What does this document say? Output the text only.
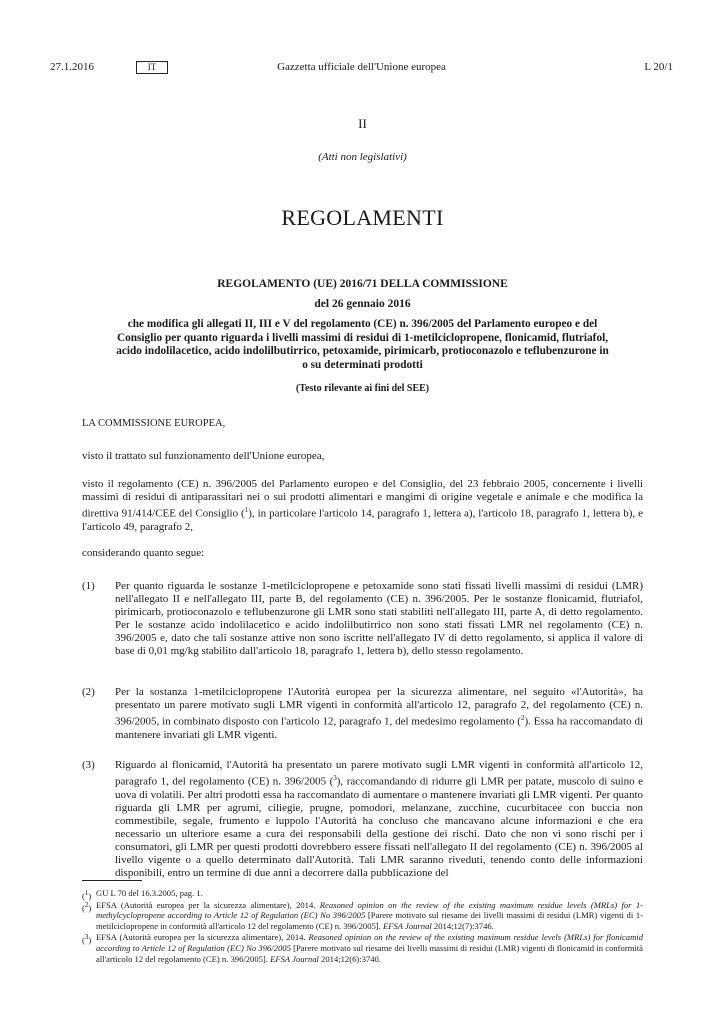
27.1.2016	IT	Gazzetta ufficiale dell'Unione europea	L 20/1
II
(Atti non legislativi)
REGOLAMENTI
REGOLAMENTO (UE) 2016/71 DELLA COMMISSIONE
del 26 gennaio 2016
che modifica gli allegati II, III e V del regolamento (CE) n. 396/2005 del Parlamento europeo e del Consiglio per quanto riguarda i livelli massimi di residui di 1-metilciclopropene, flonicamid, flutriafol, acido indolilacetico, acido indolilbutirrico, petoxamide, pirimicarb, protioconazolo e teflubenzurone in o su determinati prodotti
(Testo rilevante ai fini del SEE)
LA COMMISSIONE EUROPEA,
visto il trattato sul funzionamento dell'Unione europea,
visto il regolamento (CE) n. 396/2005 del Parlamento europeo e del Consiglio, del 23 febbraio 2005, concernente i livelli massimi di residui di antiparassitari nei o sui prodotti alimentari e mangimi di origine vegetale e animale e che modifica la direttiva 91/414/CEE del Consiglio ($^1$), in particolare l'articolo 14, paragrafo 1, lettera a), l'articolo 18, paragrafo 1, lettera b), e l'articolo 49, paragrafo 2,
considerando quanto segue:
(1) Per quanto riguarda le sostanze 1-metilciclopropene e petoxamide sono stati fissati livelli massimi di residui (LMR) nell'allegato II e nell'allegato III, parte B, del regolamento (CE) n. 396/2005. Per le sostanze flonicamid, flutriafol, pirimicarb, protioconazolo e teflubenzurone gli LMR sono stati stabiliti nell'allegato III, parte A, di detto regolamento. Per le sostanze acido indolilacetico e acido indolilbutirrico non sono stati fissati LMR nel regolamento (CE) n. 396/2005 e, dato che tali sostanze attive non sono iscritte nell'allegato IV di detto regolamento, si applica il valore di base di 0,01 mg/kg stabilito dall'articolo 18, paragrafo 1, lettera b), dello stesso regolamento.
(2) Per la sostanza 1-metilciclopropene l'Autorità europea per la sicurezza alimentare, nel seguito «l'Autorità», ha presentato un parere motivato sugli LMR vigenti in conformità all'articolo 12, paragrafo 2, del regolamento (CE) n. 396/2005, in combinato disposto con l'articolo 12, paragrafo 1, del medesimo regolamento ($^2$). Essa ha raccomandato di mantenere invariati gli LMR vigenti.
(3) Riguardo al flonicamid, l'Autorità ha presentato un parere motivato sugli LMR vigenti in conformità all'articolo 12, paragrafo 1, del regolamento (CE) n. 396/2005 ($^3$), raccomandando di ridurre gli LMR per patate, muscolo di suino e uova di volatili. Per altri prodotti essa ha raccomandato di aumentare o mantenere invariati gli LMR vigenti. Per quanto riguarda gli LMR per agrumi, ciliegie, prugne, pomodori, melanzane, zucchine, cucurbitacee con buccia non commestibile, segale, frumento e luppolo l'Autorità ha concluso che mancavano alcune informazioni e che era necessario un ulteriore esame a cura dei responsabili della gestione dei rischi. Dato che non vi sono rischi per i consumatori, gli LMR per questi prodotti dovrebbero essere fissati nell'allegato II del regolamento (CE) n. 396/2005 al livello vigente o a quello determinato dall'Autorità. Tali LMR saranno riveduti, tenendo conto delle informazioni disponibili, entro un termine di due anni a decorrere dalla pubblicazione del
($^1$) GU L 70 del 16.3.2005, pag. 1.
($^2$) EFSA (Autorità europea per la sicurezza alimentare), 2014. Reasoned opinion on the review of the existing maximum residue levels (MRLs) for 1-methylcyclopropene according to Article 12 of Regulation (EC) No 396/2005 [Parere motivato sul riesame dei livelli massimi di residui (LMR) vigenti di 1-metilciclopropene in conformità all'articolo 12 del regolamento (CE) n. 396/2005]. EFSA Journal 2014;12(7):3746.
($^3$) EFSA (Autorità europea per la sicurezza alimentare), 2014. Reasoned opinion on the review of the existing maximum residue levels (MRLs) for flonicamid according to Article 12 of Regulation (EC) No 396/2005 [Parere motivato sul riesame dei livelli massimi di residui (LMR) vigenti di flonicamid in conformità all'articolo 12 del regolamento (CE) n. 396/2005]. EFSA Journal 2014;12(6):3740.
